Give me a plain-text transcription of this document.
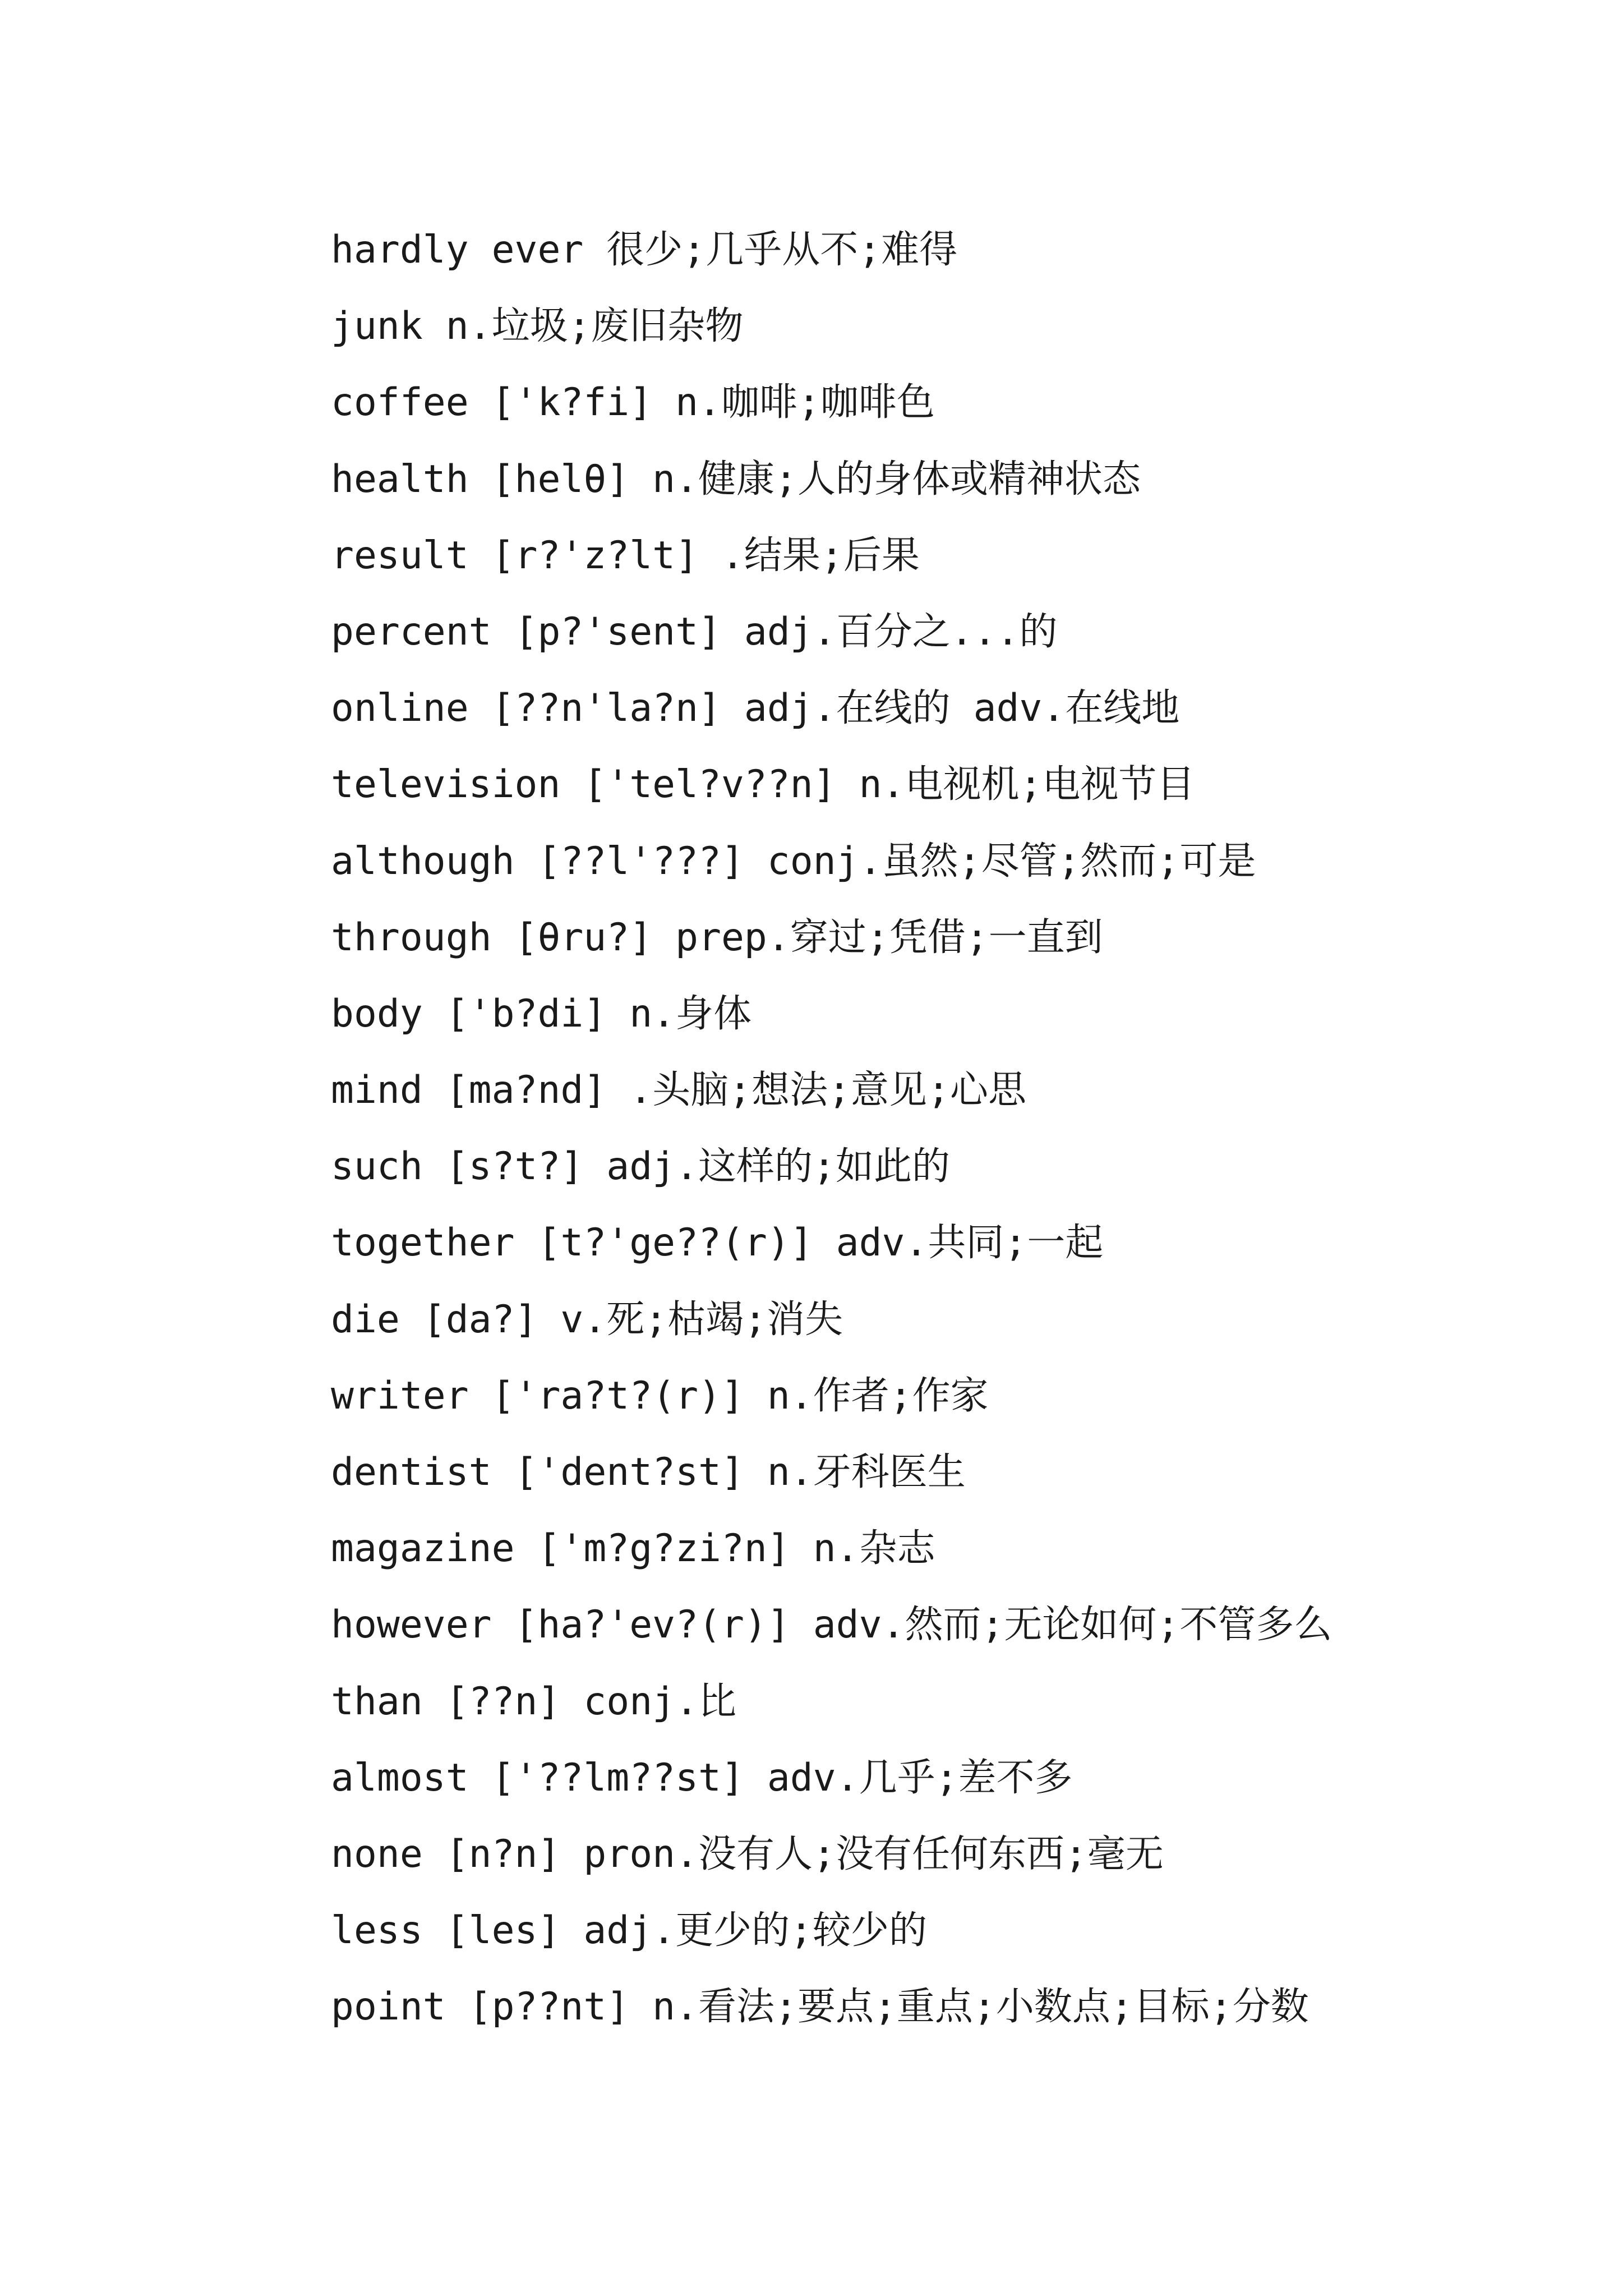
hardly ever 很少;几乎从不;难得
junk n.垃圾;废旧杂物
coffee ['k?fi] n.咖啡;咖啡色
health [helθ] n.健康;人的身体或精神状态
result [r?'z?lt] .结果;后果
percent [p?'sent] adj.百分之...的
online [??n'la?n] adj.在线的 adv.在线地
television ['tel?v??n] n.电视机;电视节目
although [??l'???] conj.虽然;尽管;然而;可是
through [θru?] prep.穿过;凭借;一直到
body ['b?di] n.身体
mind [ma?nd] .头脑;想法;意见;心思
such [s?t?] adj.这样的;如此的
together [t?'ge??(r)] adv.共同;一起
die [da?] v.死;枯竭;消失
writer ['ra?t?(r)] n.作者;作家
dentist ['dent?st] n.牙科医生
magazine ['m?g?zi?n] n.杂志
however [ha?'ev?(r)] adv.然而;无论如何;不管多么
than [??n] conj.比
almost ['??lm??st] adv.几乎;差不多
none [n?n] pron.没有人;没有任何东西;毫无
less [les] adj.更少的;较少的
point [p??nt] n.看法;要点;重点;小数点;目标;分数
